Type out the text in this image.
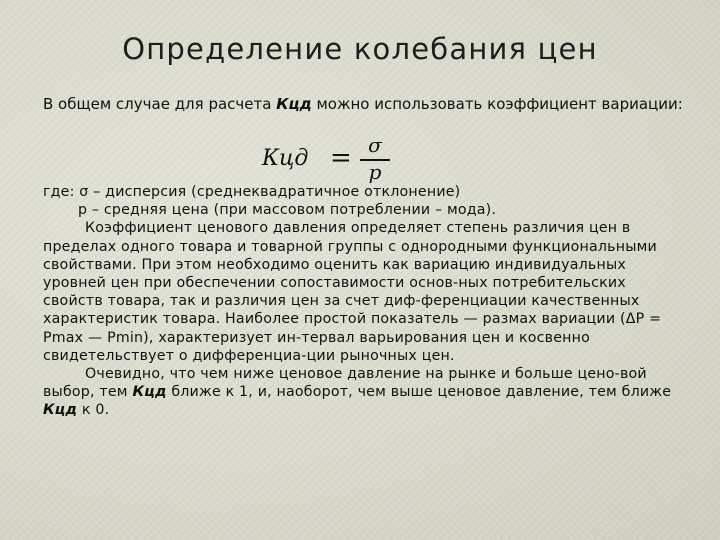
Определение колебания цен
В общем случае для расчета Кцд можно использовать коэффициент вариации:
Кцд = σ
p

где: σ – дисперсия (среднеквадратичное отклонение)

p – средняя цена (при массовом потреблении – мода).

Коэффициент ценового давления определяет степень различия цен в пределах одного товара и товарной группы с однородными функциональными свойствами. При этом необходимо оценить как вариацию индивидуальных уровней цен при обеспечении сопоставимости основ-ных потребительских свойств товара, так и различия цен за счет диф-ференциации качественных характеристик товара. Наиболее простой показатель — размах вариации (ΔР = Pmax — Pmin), характеризует ин-тервал варьирования цен и косвенно свидетельствует о дифференциа-ции рыночных цен.

Очевидно, что чем ниже ценовое давление на рынке и больше цено-вой выбор, тем Кцд ближе к 1, и, наоборот, чем выше ценовое давление, тем ближе Кцд к 0.
